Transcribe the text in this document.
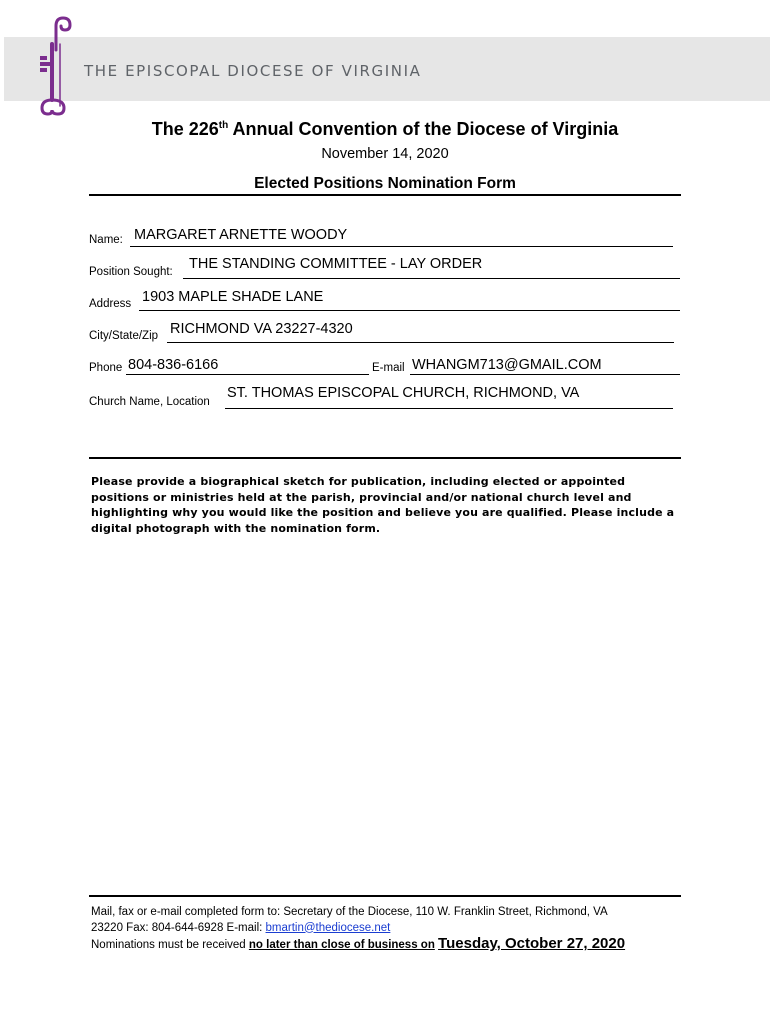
THE EPISCOPAL DIOCESE OF VIRGINIA
The 226th Annual Convention of the Diocese of Virginia
November 14, 2020
Elected Positions Nomination Form
Name: MARGARET ARNETTE WOODY
Position Sought: THE STANDING COMMITTEE - LAY ORDER
Address 1903 MAPLE SHADE LANE
City/State/Zip RICHMOND VA 23227-4320
Phone 804-836-6166	E-mail WHANGM713@GMAIL.COM
Church Name, Location
ST. THOMAS EPISCOPAL CHURCH, RICHMOND, VA
Please provide a biographical sketch for publication, including elected or appointed positions or ministries held at the parish, provincial and/or national church level and highlighting why you would like the position and believe you are qualified. Please include a digital photograph with the nomination form.
Mail, fax or e-mail completed form to: Secretary of the Diocese, 110 W. Franklin Street, Richmond, VA
23220 Fax: 804-644-6928 E-mail: bmartin@thediocese.net
Nominations must be received no later than close of business on Tuesday, October 27, 2020
